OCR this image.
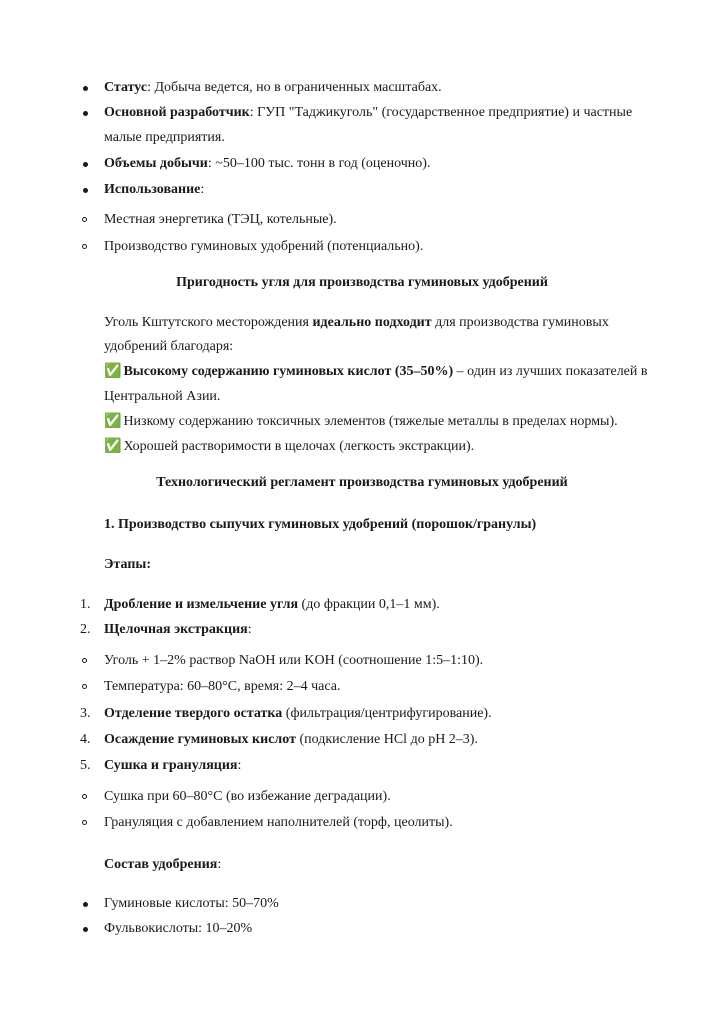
Статус: Добыча ведется, но в ограниченных масштабах.
Основной разработчик: ГУП "Таджикуголь" (государственное предприятие) и частные
малые предприятия.
Объемы добычи: ~50–100 тыс. тонн в год (оценочно).
Использование:
Местная энергетика (ТЭЦ, котельные).
Производство гуминовых удобрений (потенциально).
Пригодность угля для производства гуминовых удобрений
Уголь Кштутского месторождения идеально подходит для производства гуминовых
удобрений благодаря:
✅ Высокому содержанию гуминовых кислот (35–50%) – один из лучших показателей в
Центральной Азии.
✅ Низкому содержанию токсичных элементов (тяжелые металлы в пределах нормы).
✅ Хорошей растворимости в щелочах (легкость экстракции).
Технологический регламент производства гуминовых удобрений
1. Производство сыпучих гуминовых удобрений (порошок/гранулы)
Этапы:
1. Дробление и измельчение угля (до фракции 0,1–1 мм).
2. Щелочная экстракция:
Уголь + 1–2% раствор NaOH или KOH (соотношение 1:5–1:10).
Температура: 60–80°C, время: 2–4 часа.
3. Отделение твердого остатка (фильтрация/центрифугирование).
4. Осаждение гуминовых кислот (подкисление HCl до pH 2–3).
5. Сушка и грануляция:
Сушка при 60–80°C (во избежание деградации).
Грануляция с добавлением наполнителей (торф, цеолиты).
Состав удобрения:
Гуминовые кислоты: 50–70%
Фульвокислоты: 10–20%
